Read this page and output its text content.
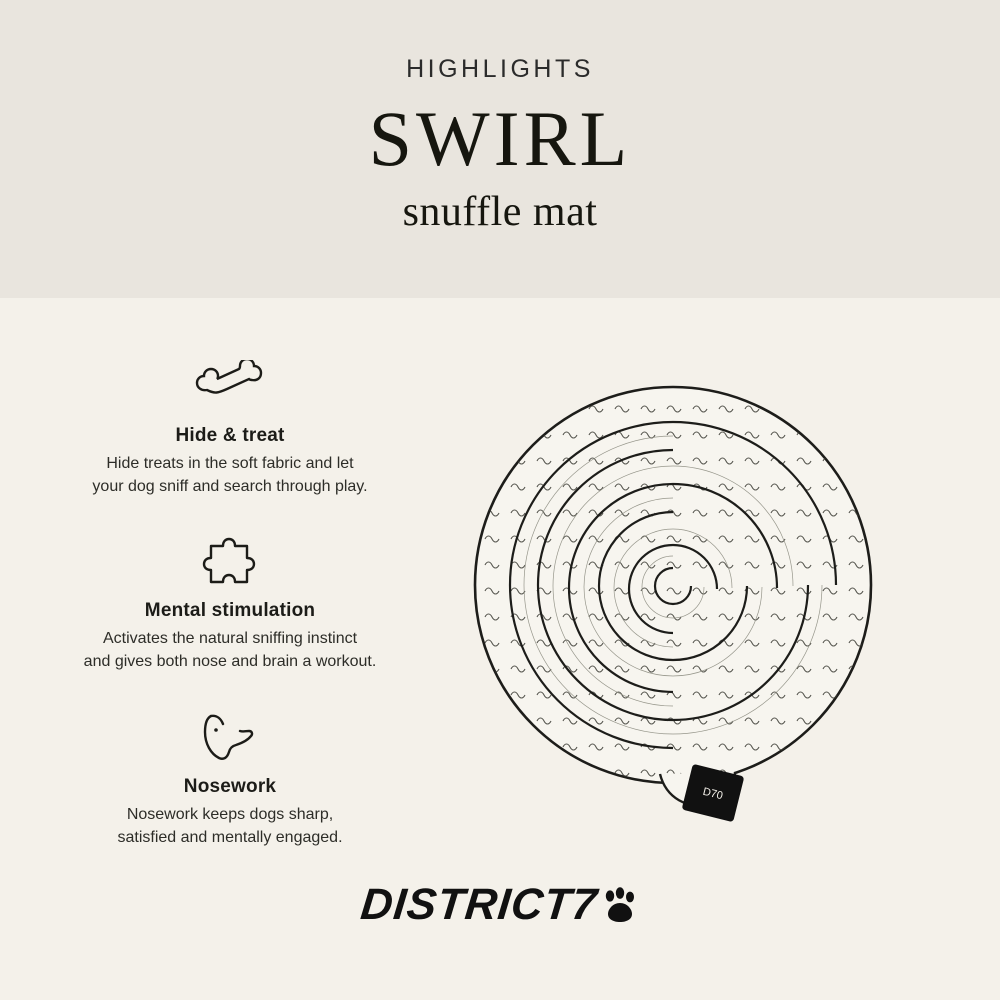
HIGHLIGHTS
SWIRL
snuffle mat
Hide & treat
Hide treats in the soft fabric and let
your dog sniff and search through play.
Mental stimulation
Activates the natural sniffing instinct
and gives both nose and brain a workout.
Nosework
Nosework keeps dogs sharp,
satisfied and mentally engaged.
D70
DISTRICT7
